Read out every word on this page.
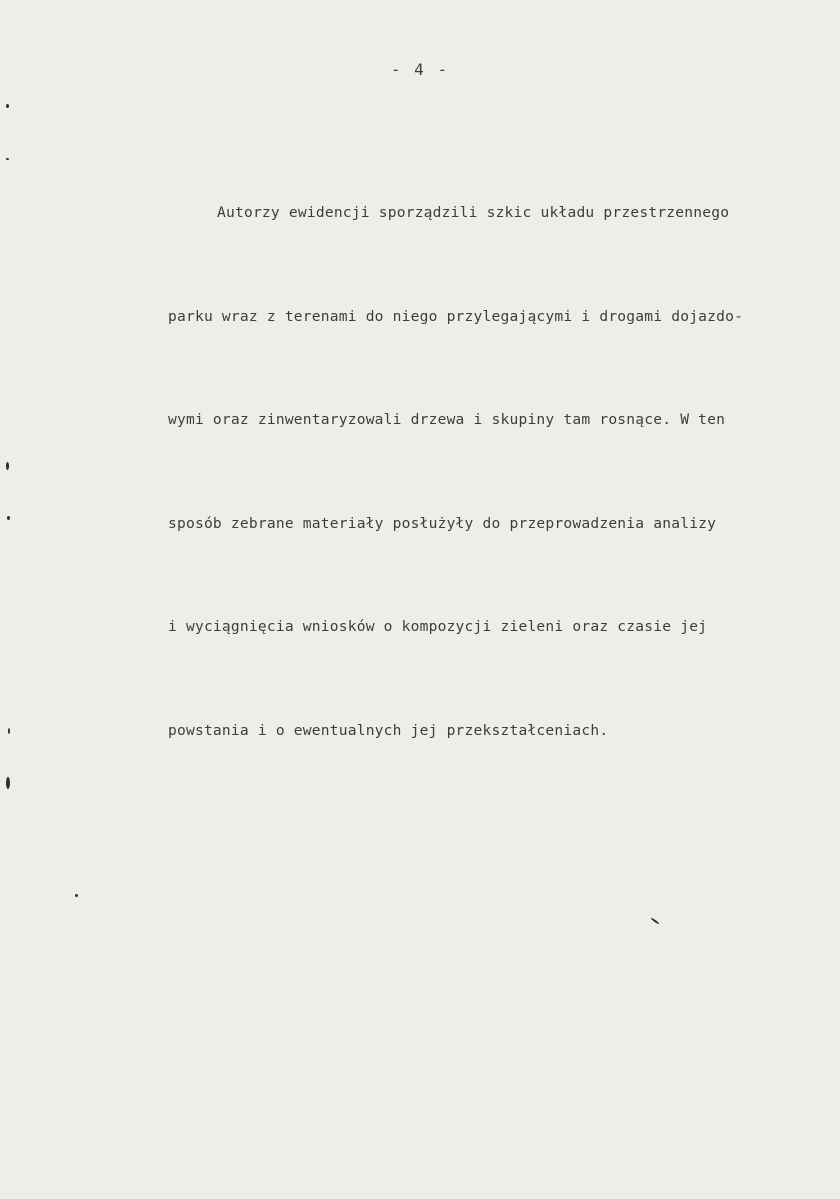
- 4 -

Autorzy ewidencji sporządzili szkic układu przestrzennego

parku wraz z terenami do niego przylegającymi i drogami dojazdo-

wymi oraz zinwentaryzowali drzewa i skupiny tam rosnące. W ten

sposób zebrane materiały posłużyły do przeprowadzenia analizy

i wyciągnięcia wniosków o kompozycji zieleni oraz czasie jej

powstania i o ewentualnych jej przekształceniach.
